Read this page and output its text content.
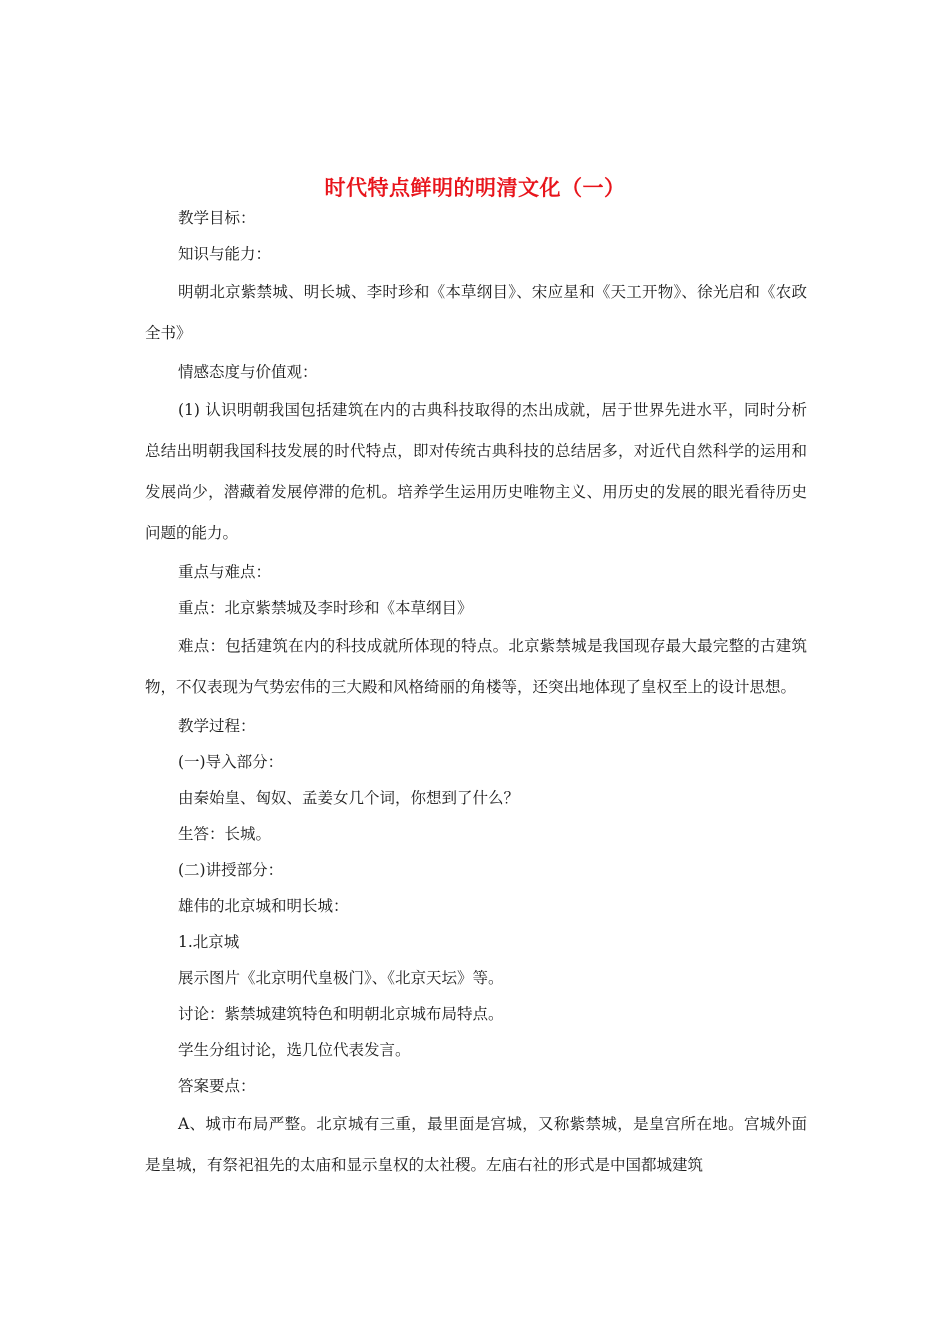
时代特点鲜明的明清文化（一）

教学目标：

知识与能力：

明朝北京紫禁城、明长城、李时珍和《本草纲目》、宋应星和《天工开物》、徐光启和《农政全书》

情感态度与价值观：

(1) 认识明朝我国包括建筑在内的古典科技取得的杰出成就，居于世界先进水平，同时分析总结出明朝我国科技发展的时代特点，即对传统古典科技的总结居多，对近代自然科学的运用和发展尚少，潜藏着发展停滞的危机。培养学生运用历史唯物主义、用历史的发展的眼光看待历史问题的能力。

重点与难点：

重点：北京紫禁城及李时珍和《本草纲目》

难点：包括建筑在内的科技成就所体现的特点。北京紫禁城是我国现存最大最完整的古建筑物，不仅表现为气势宏伟的三大殿和风格绮丽的角楼等，还突出地体现了皇权至上的设计思想。

教学过程：

(一)导入部分：

由秦始皇、匈奴、孟姜女几个词，你想到了什么？

生答：长城。

(二)讲授部分：

雄伟的北京城和明长城：

1.北京城

展示图片《北京明代皇极门》、《北京天坛》等。

讨论：紫禁城建筑特色和明朝北京城布局特点。

学生分组讨论，选几位代表发言。

答案要点：

A、城市布局严整。北京城有三重，最里面是宫城，又称紫禁城，是皇宫所在地。宫城外面是皇城，有祭祀祖先的太庙和显示皇权的太社稷。左庙右社的形式是中国都城建筑
